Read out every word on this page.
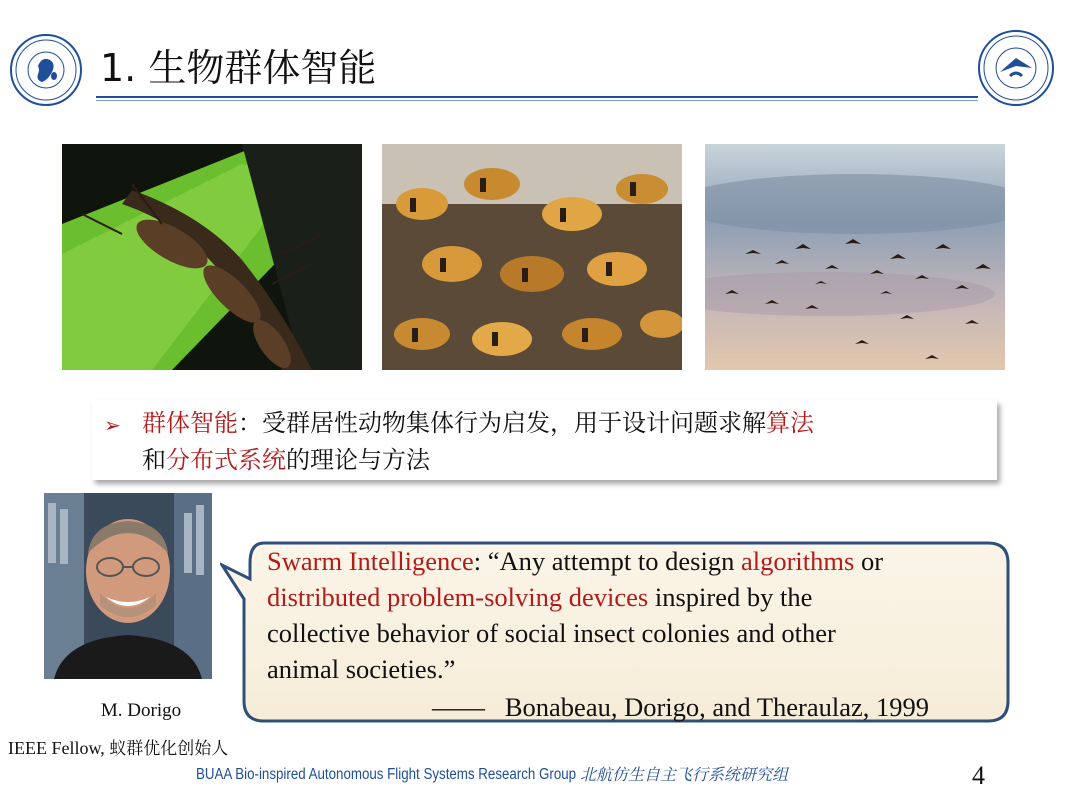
1. 生物群体智能
➢ 群体智能：受群居性动物集体行为启发，用于设计问题求解算法
和分布式系统的理论与方法
M. Dorigo
IEEE Fellow, 蚁群优化创始人
Swarm Intelligence: “Any attempt to design algorithms or
distributed problem-solving devices inspired by the
collective behavior of social insect colonies and other
animal societies.”
—— Bonabeau, Dorigo, and Theraulaz, 1999
BUAA Bio-inspired Autonomous Flight Systems Research Group 北航仿生自主飞行系统研究组	4
